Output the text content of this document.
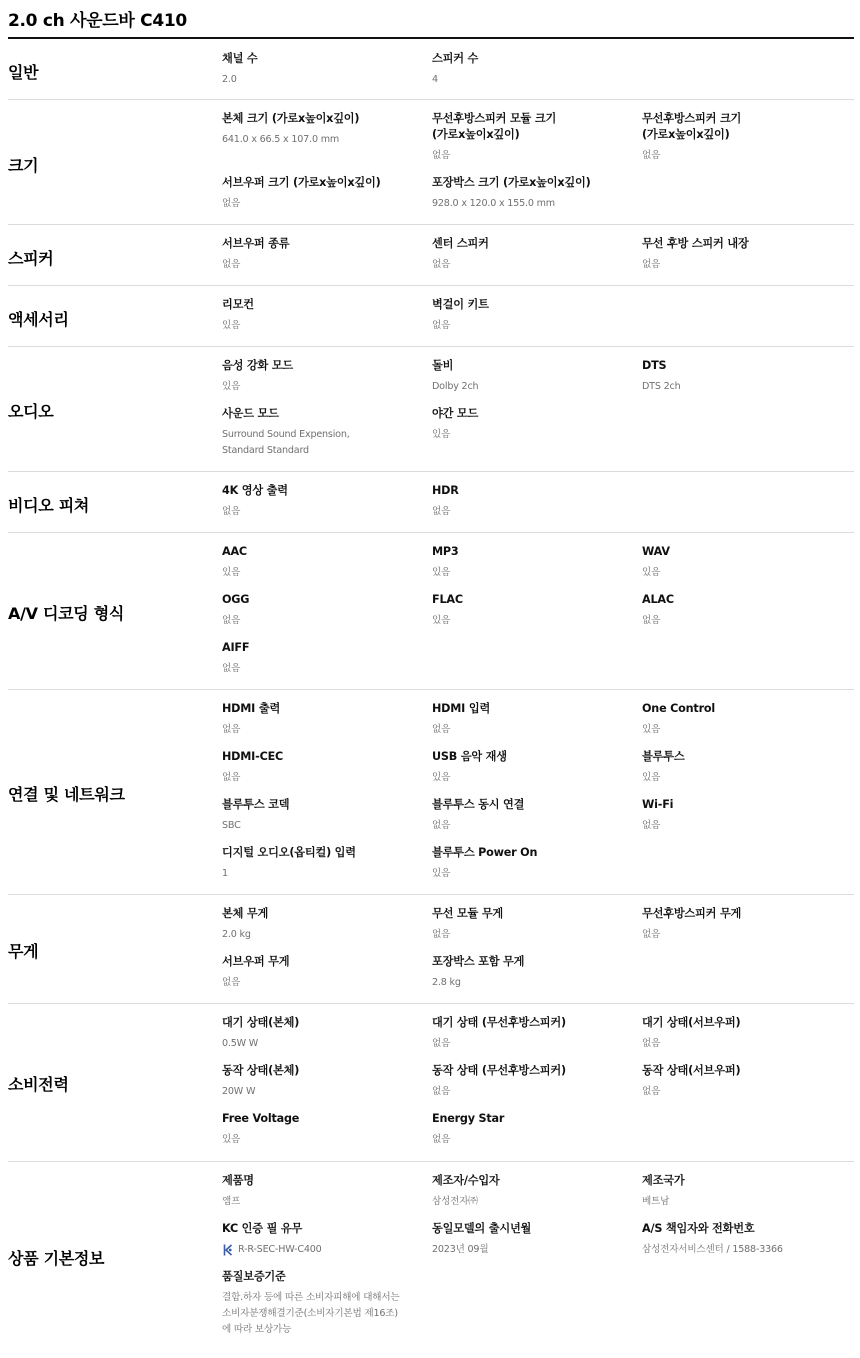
2.0 ch 사운드바 C410
일반
채널 수
2.0
스피커 수
4
크기
본체 크기 (가로x높이x깊이)
641.0 x 66.5 x 107.0 mm
무선후방스피커 모듈 크기 (가로x높이x깊이)
없음
무선후방스피커 크기 (가로x높이x깊이)
없음
서브우퍼 크기 (가로x높이x깊이)
없음
포장박스 크기 (가로x높이x깊이)
928.0 x 120.0 x 155.0 mm
스피커
서브우퍼 종류
없음
센터 스피커
없음
무선 후방 스피커 내장
없음
액세서리
리모컨
있음
벽걸이 키트
없음
오디오
음성 강화 모드
있음
돌비
Dolby 2ch
DTS
DTS 2ch
사운드 모드
Surround Sound Expension, Standard Standard
야간 모드
있음
비디오 피쳐
4K 영상 출력
없음
HDR
없음
A/V 디코딩 형식
AAC
있음
MP3
있음
WAV
있음
OGG
없음
FLAC
있음
ALAC
없음
AIFF
없음
연결 및 네트워크
HDMI 출력
없음
HDMI 입력
없음
One Control
있음
HDMI-CEC
없음
USB 음악 재생
있음
블루투스
있음
블루투스 코덱
SBC
블루투스 동시 연결
없음
Wi-Fi
없음
디지털 오디오(옵티컬) 입력
1
블루투스 Power On
있음
무게
본체 무게
2.0 kg
무선 모듈 무게
없음
무선후방스피커 무게
없음
서브우퍼 무게
없음
포장박스 포함 무게
2.8 kg
소비전력
대기 상태(본체)
0.5W W
대기 상태 (무선후방스피커)
없음
대기 상태(서브우퍼)
없음
동작 상태(본체)
20W W
동작 상태 (무선후방스피커)
없음
동작 상태(서브우퍼)
없음
Free Voltage
있음
Energy Star
없음
상품 기본정보
제품명
앰프
제조자/수입자
삼성전자㈜
제조국가
베트남
KC 인증 필 유무
R-R-SEC-HW-C400
동일모델의 출시년월
2023년 09월
A/S 책임자와 전화번호
삼성전자서비스센터 / 1588-3366
품질보증기준
결함.하자 등에 따른 소비자피해에 대해서는 소비자분쟁해결기준(소비자기본법 제16조)에 따라 보상가능
